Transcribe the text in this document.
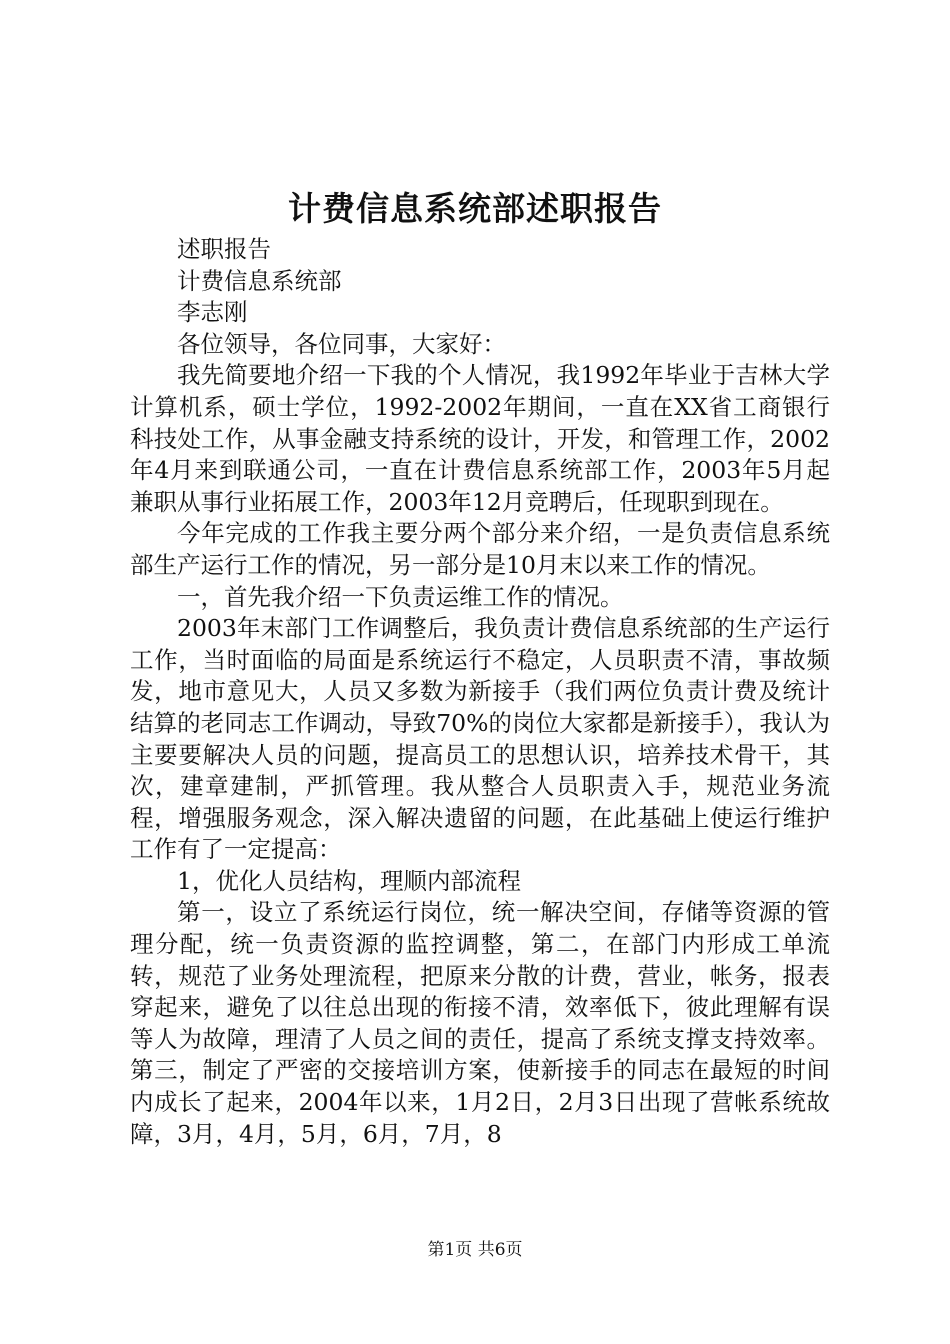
计费信息系统部述职报告

述职报告

计费信息系统部

李志刚

各位领导，各位同事，大家好：

我先简要地介绍一下我的个人情况，我1992年毕业于吉林大学计算机系，硕士学位，1992-2002年期间，一直在XX省工商银行科技处工作，从事金融支持系统的设计，开发，和管理工作，2002年4月来到联通公司，一直在计费信息系统部工作，2003年5月起兼职从事行业拓展工作，2003年12月竞聘后，任现职到现在。

今年完成的工作我主要分两个部分来介绍，一是负责信息系统部生产运行工作的情况，另一部分是10月末以来工作的情况。

一，首先我介绍一下负责运维工作的情况。

2003年末部门工作调整后，我负责计费信息系统部的生产运行工作，当时面临的局面是系统运行不稳定，人员职责不清，事故频发，地市意见大，人员又多数为新接手（我们两位负责计费及统计结算的老同志工作调动，导致70%的岗位大家都是新接手），我认为主要要解决人员的问题，提高员工的思想认识，培养技术骨干，其次，建章建制，严抓管理。我从整合人员职责入手，规范业务流程，增强服务观念，深入解决遗留的问题，在此基础上使运行维护工作有了一定提高：

1，优化人员结构，理顺内部流程

第一，设立了系统运行岗位，统一解决空间，存储等资源的管理分配，统一负责资源的监控调整，第二，在部门内形成工单流转，规范了业务处理流程，把原来分散的计费，营业，帐务，报表穿起来，避免了以往总出现的衔接不清，效率低下，彼此理解有误等人为故障，理清了人员之间的责任，提高了系统支撑支持效率。第三，制定了严密的交接培训方案，使新接手的同志在最短的时间内成长了起来，2004年以来，1月2日，2月3日出现了营帐系统故障，3月，4月，5月，6月，7月，8

第1页 共6页
